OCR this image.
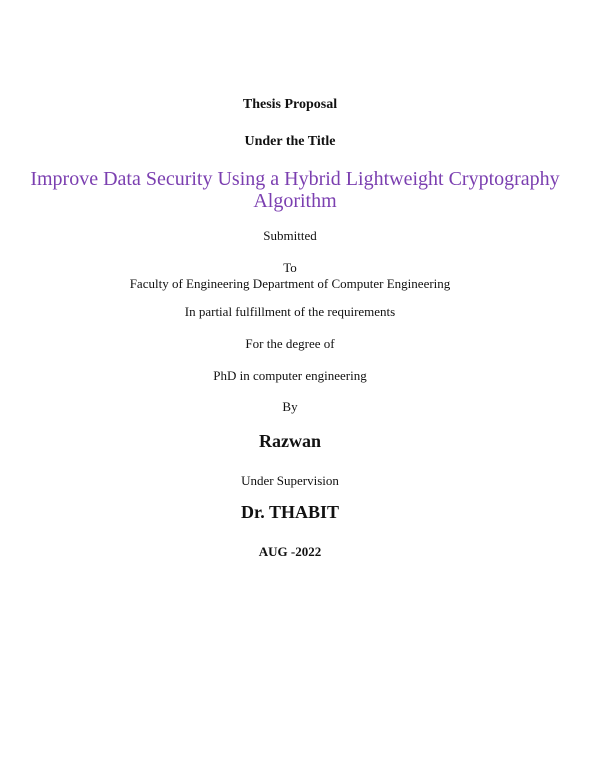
Thesis Proposal
Under the Title
Improve Data Security Using a Hybrid Lightweight Cryptography Algorithm
Submitted
To
Faculty of Engineering Department of Computer Engineering
In partial fulfillment of the requirements
For the degree of
PhD in computer engineering
By
Razwan
Under Supervision
Dr. THABIT
AUG -2022
